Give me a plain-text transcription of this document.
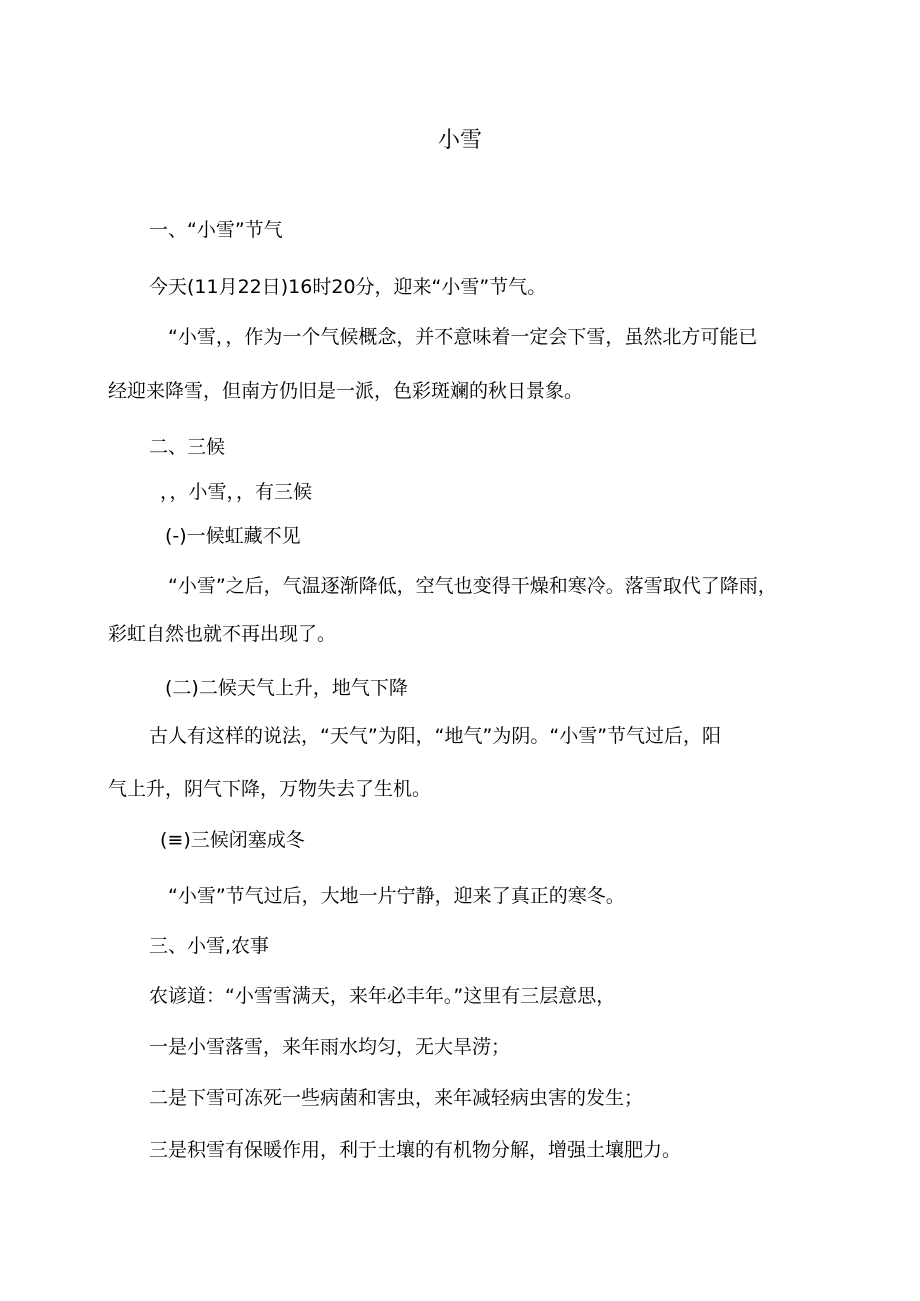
小雪
一、“小雪”节气
今天(11月22日)16时20分，迎来“小雪”节气。
“小雪，，作为一个气候概念，并不意味着一定会下雪，虽然北方可能已
经迎来降雪，但南方仍旧是一派，色彩斑斓的秋日景象。
二、三候
，，小雪，，有三候
(-)一候虹藏不见
“小雪”之后，气温逐渐降低，空气也变得干燥和寒冷。落雪取代了降雨，
彩虹自然也就不再出现了。
(二)二候天气上升，地气下降
古人有这样的说法，“天气”为阳，“地气”为阴。“小雪”节气过后，阳
气上升，阴气下降，万物失去了生机。
(≡)三候闭塞成冬
“小雪”节气过后，大地一片宁静，迎来了真正的寒冬。
三、小雪,农事
农谚道：“小雪雪满天，来年必丰年。”这里有三层意思，
一是小雪落雪，来年雨水均匀，无大旱涝；
二是下雪可冻死一些病菌和害虫，来年减轻病虫害的发生；
三是积雪有保暖作用，利于土壤的有机物分解，增强土壤肥力。
